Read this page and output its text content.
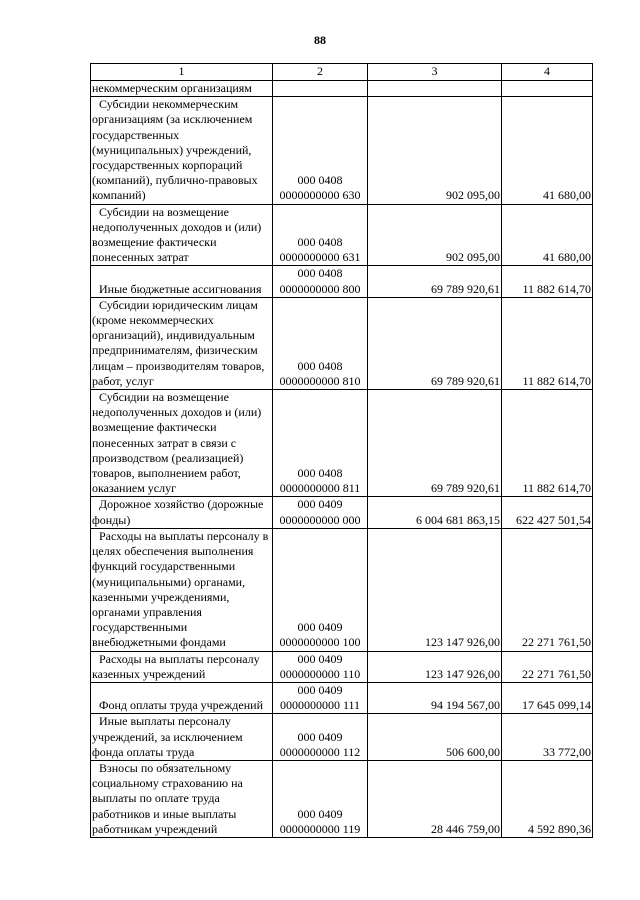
88
1	2	3	4
некоммерческим организациям			
Субсидии некоммерческим организациям (за исключением государственных (муниципальных) учреждений, государственных корпораций (компаний), публично-правовых компаний)	000 0408 0000000000 630	902 095,00	41 680,00
Субсидии на возмещение недополученных доходов и (или) возмещение фактически понесенных затрат	000 0408 0000000000 631	902 095,00	41 680,00
Иные бюджетные ассигнования	000 0408 0000000000 800	69 789 920,61	11 882 614,70
Субсидии юридическим лицам (кроме некоммерческих организаций), индивидуальным предпринимателям, физическим лицам – производителям товаров, работ, услуг	000 0408 0000000000 810	69 789 920,61	11 882 614,70
Субсидии на возмещение недополученных доходов и (или) возмещение фактически понесенных затрат в связи с производством (реализацией) товаров, выполнением работ, оказанием услуг	000 0408 0000000000 811	69 789 920,61	11 882 614,70
Дорожное хозяйство (дорожные фонды)	000 0409 0000000000 000	6 004 681 863,15	622 427 501,54
Расходы на выплаты персоналу в целях обеспечения выполнения функций государственными (муниципальными) органами, казенными учреждениями, органами управления государственными внебюджетными фондами	000 0409 0000000000 100	123 147 926,00	22 271 761,50
Расходы на выплаты персоналу казенных учреждений	000 0409 0000000000 110	123 147 926,00	22 271 761,50
Фонд оплаты труда учреждений	000 0409 0000000000 111	94 194 567,00	17 645 099,14
Иные выплаты персоналу учреждений, за исключением фонда оплаты труда	000 0409 0000000000 112	506 600,00	33 772,00
Взносы по обязательному социальному страхованию на выплаты по оплате труда работников и иные выплаты работникам учреждений	000 0409 0000000000 119	28 446 759,00	4 592 890,36
